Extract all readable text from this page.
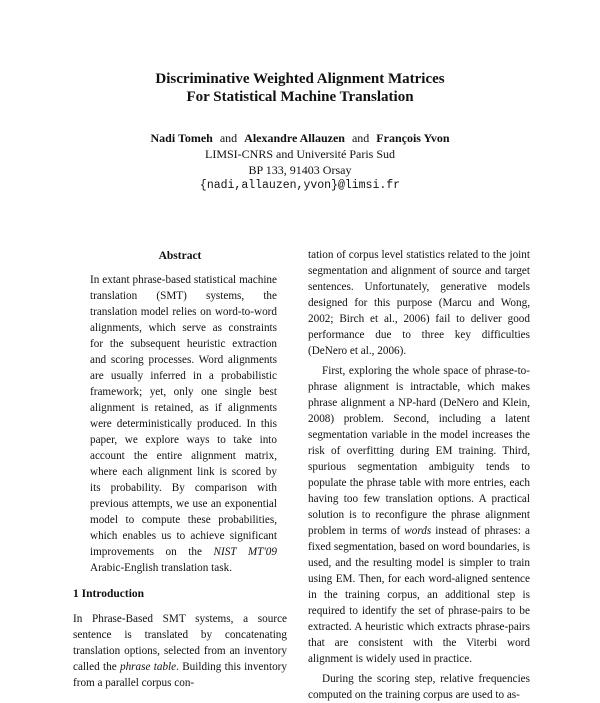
Discriminative Weighted Alignment Matrices
For Statistical Machine Translation
Nadi Tomeh and Alexandre Allauzen and François Yvon
LIMSI-CNRS and Université Paris Sud
BP 133, 91403 Orsay
{nadi,allauzen,yvon}@limsi.fr
Abstract

In extant phrase-based statistical machine translation (SMT) systems, the translation model relies on word-to-word alignments, which serve as constraints for the subsequent heuristic extraction and scoring processes. Word alignments are usually inferred in a probabilistic framework; yet, only one single best alignment is retained, as if alignments were deterministically produced. In this paper, we explore ways to take into account the entire alignment matrix, where each alignment link is scored by its probability. By comparison with previous attempts, we use an exponential model to compute these probabilities, which enables us to achieve significant improvements on the NIST MT'09 Arabic-English translation task.

1 Introduction

In Phrase-Based SMT systems, a source sentence is translated by concatenating translation options, selected from an inventory called the phrase table. Building this inventory from a parallel corpus con-

tation of corpus level statistics related to the joint segmentation and alignment of source and target sentences. Unfortunately, generative models designed for this purpose (Marcu and Wong, 2002; Birch et al., 2006) fail to deliver good performance due to three key difficulties (DeNero et al., 2006).

First, exploring the whole space of phrase-to-phrase alignment is intractable, which makes phrase alignment a NP-hard (DeNero and Klein, 2008) problem. Second, including a latent segmentation variable in the model increases the risk of overfitting during EM training. Third, spurious segmentation ambiguity tends to populate the phrase table with more entries, each having too few translation options. A practical solution is to reconfigure the phrase alignment problem in terms of words instead of phrases: a fixed segmentation, based on word boundaries, is used, and the resulting model is simpler to train using EM. Then, for each word-aligned sentence in the training corpus, an additional step is required to identify the set of phrase-pairs to be extracted. A heuristic which extracts phrase-pairs that are consistent with the Viterbi word alignment is widely used in practice.

During the scoring step, relative frequencies computed on the training corpus are used to as-
